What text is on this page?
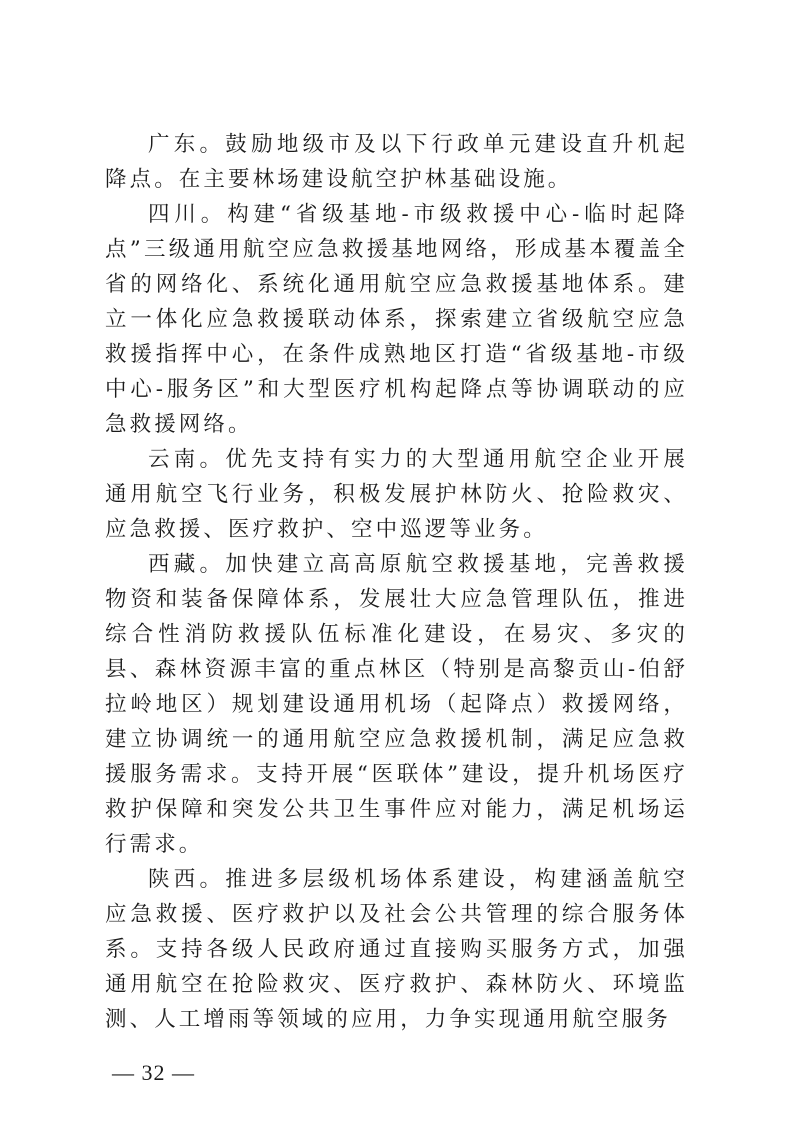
广东。鼓励地级市及以下行政单元建设直升机起降点。在主要林场建设航空护林基础设施。

四川。构建“省级基地-市级救援中心-临时起降点”三级通用航空应急救援基地网络，形成基本覆盖全省的网络化、系统化通用航空应急救援基地体系。建立一体化应急救援联动体系，探索建立省级航空应急救援指挥中心，在条件成熟地区打造“省级基地-市级中心-服务区”和大型医疗机构起降点等协调联动的应急救援网络。

云南。优先支持有实力的大型通用航空企业开展通用航空飞行业务，积极发展护林防火、抢险救灾、应急救援、医疗救护、空中巡逻等业务。

西藏。加快建立高高原航空救援基地，完善救援物资和装备保障体系，发展壮大应急管理队伍，推进综合性消防救援队伍标准化建设，在易灾、多灾的县、森林资源丰富的重点林区（特别是高黎贡山-伯舒拉岭地区）规划建设通用机场（起降点）救援网络，建立协调统一的通用航空应急救援机制，满足应急救援服务需求。支持开展“医联体”建设，提升机场医疗救护保障和突发公共卫生事件应对能力，满足机场运行需求。

陕西。推进多层级机场体系建设，构建涵盖航空应急救援、医疗救护以及社会公共管理的综合服务体系。支持各级人民政府通过直接购买服务方式，加强通用航空在抢险救灾、医疗救护、森林防火、环境监测、人工增雨等领域的应用，力争实现通用航空服务

— 32 —
